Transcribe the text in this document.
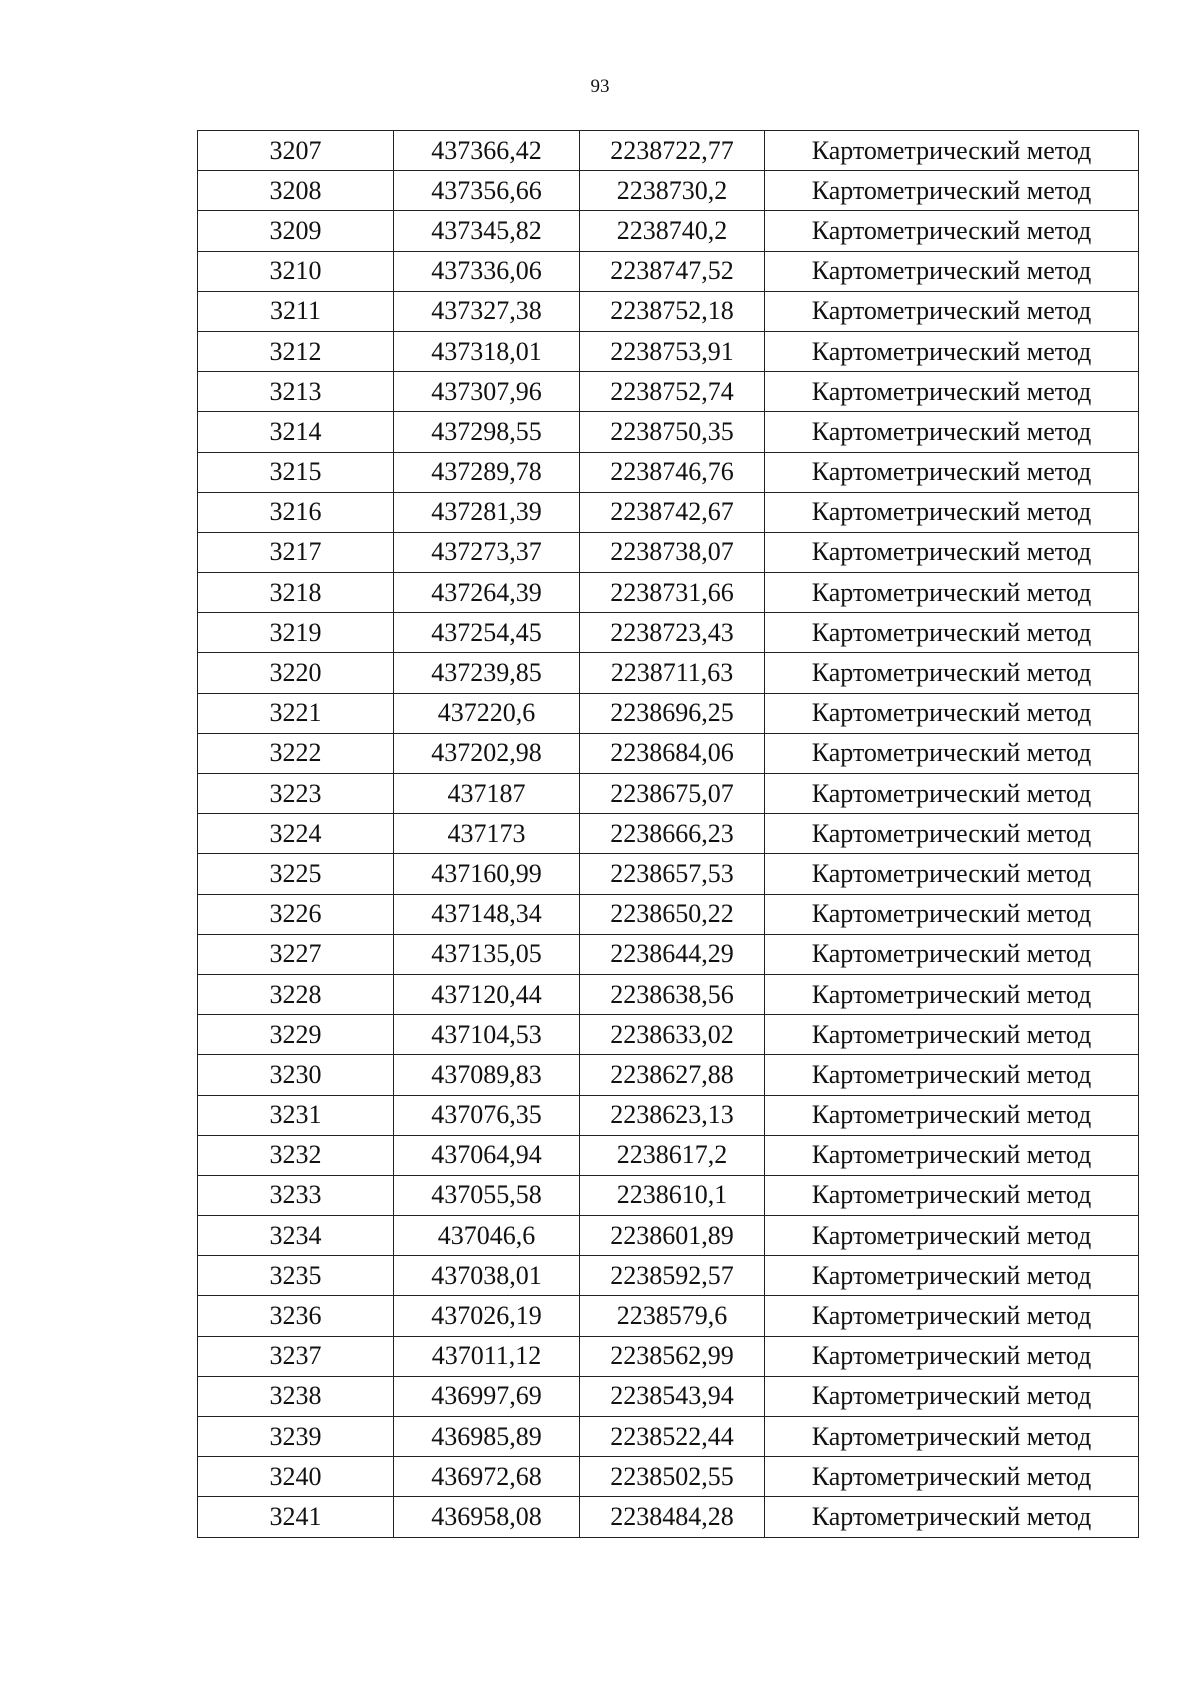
93
3207	437366,42	2238722,77	Картометрический метод
3208	437356,66	2238730,2	Картометрический метод
3209	437345,82	2238740,2	Картометрический метод
3210	437336,06	2238747,52	Картометрический метод
3211	437327,38	2238752,18	Картометрический метод
3212	437318,01	2238753,91	Картометрический метод
3213	437307,96	2238752,74	Картометрический метод
3214	437298,55	2238750,35	Картометрический метод
3215	437289,78	2238746,76	Картометрический метод
3216	437281,39	2238742,67	Картометрический метод
3217	437273,37	2238738,07	Картометрический метод
3218	437264,39	2238731,66	Картометрический метод
3219	437254,45	2238723,43	Картометрический метод
3220	437239,85	2238711,63	Картометрический метод
3221	437220,6	2238696,25	Картометрический метод
3222	437202,98	2238684,06	Картометрический метод
3223	437187	2238675,07	Картометрический метод
3224	437173	2238666,23	Картометрический метод
3225	437160,99	2238657,53	Картометрический метод
3226	437148,34	2238650,22	Картометрический метод
3227	437135,05	2238644,29	Картометрический метод
3228	437120,44	2238638,56	Картометрический метод
3229	437104,53	2238633,02	Картометрический метод
3230	437089,83	2238627,88	Картометрический метод
3231	437076,35	2238623,13	Картометрический метод
3232	437064,94	2238617,2	Картометрический метод
3233	437055,58	2238610,1	Картометрический метод
3234	437046,6	2238601,89	Картометрический метод
3235	437038,01	2238592,57	Картометрический метод
3236	437026,19	2238579,6	Картометрический метод
3237	437011,12	2238562,99	Картометрический метод
3238	436997,69	2238543,94	Картометрический метод
3239	436985,89	2238522,44	Картометрический метод
3240	436972,68	2238502,55	Картометрический метод
3241	436958,08	2238484,28	Картометрический метод
